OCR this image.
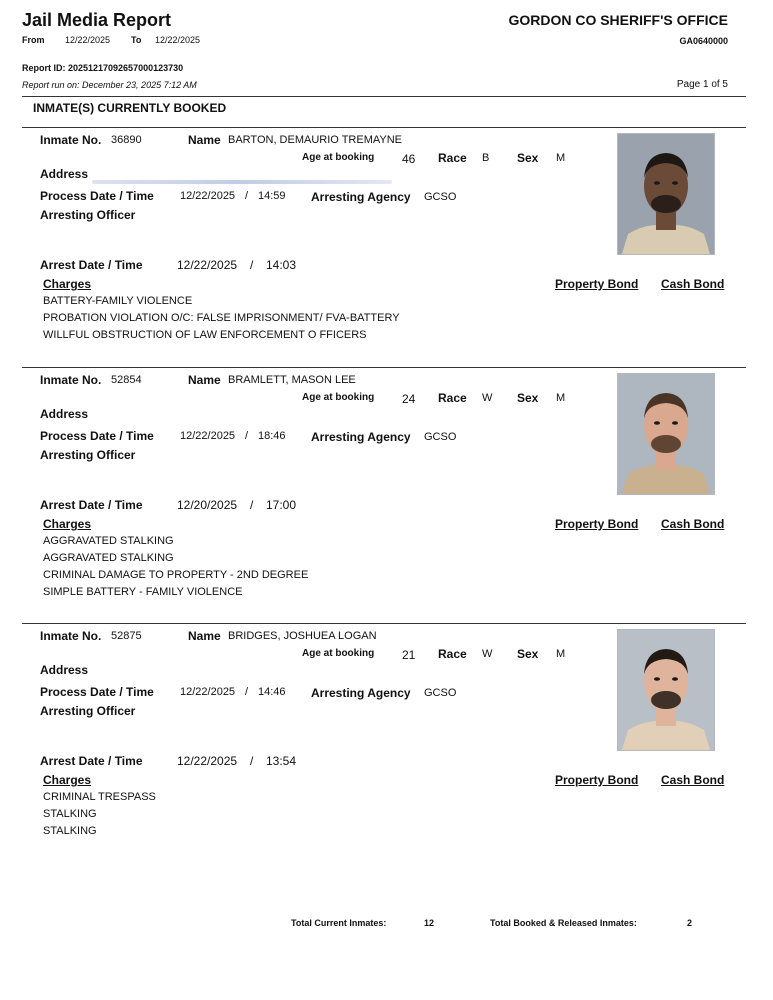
Jail Media Report	GORDON CO SHERIFF'S OFFICE
From 12/22/2025 To 12/22/2025	GA0640000
Report ID: 20251217092657000123730
Report run on: December 23, 2025 7:12 AM	Page 1 of 5
INMATE(S) CURRENTLY BOOKED
Inmate No. 36890	Name BARTON, DEMAURIO TREMAYNE
Age at booking 46 Race B Sex M
Address
Process Date / Time 12/22/2025 / 14:59 Arresting Agency GCSO
Arresting Officer
Arrest Date / Time	12/22/2025 / 14:03
Charges	Property Bond Cash Bond
BATTERY-FAMILY VIOLENCE
PROBATION VIOLATION O/C: FALSE IMPRISONMENT/ FVA-BATTERY
WILLFUL OBSTRUCTION OF LAW ENFORCEMENT O FFICERS
Inmate No. 52854	Name BRAMLETT, MASON LEE
Age at booking 24 Race W Sex M
Address
Process Date / Time 12/22/2025 / 18:46 Arresting Agency GCSO
Arresting Officer
Arrest Date / Time	12/20/2025 / 17:00
Charges	Property Bond Cash Bond
AGGRAVATED STALKING
AGGRAVATED STALKING
CRIMINAL DAMAGE TO PROPERTY - 2ND DEGREE
SIMPLE BATTERY - FAMILY VIOLENCE
Inmate No. 52875	Name BRIDGES, JOSHUEA LOGAN
Age at booking 21 Race W Sex M
Address
Process Date / Time 12/22/2025 / 14:46 Arresting Agency GCSO
Arresting Officer
Arrest Date / Time	12/22/2025 / 13:54
Charges	Property Bond Cash Bond
CRIMINAL TRESPASS
STALKING
STALKING
Total Current Inmates:	12	Total Booked & Released Inmates:	2
